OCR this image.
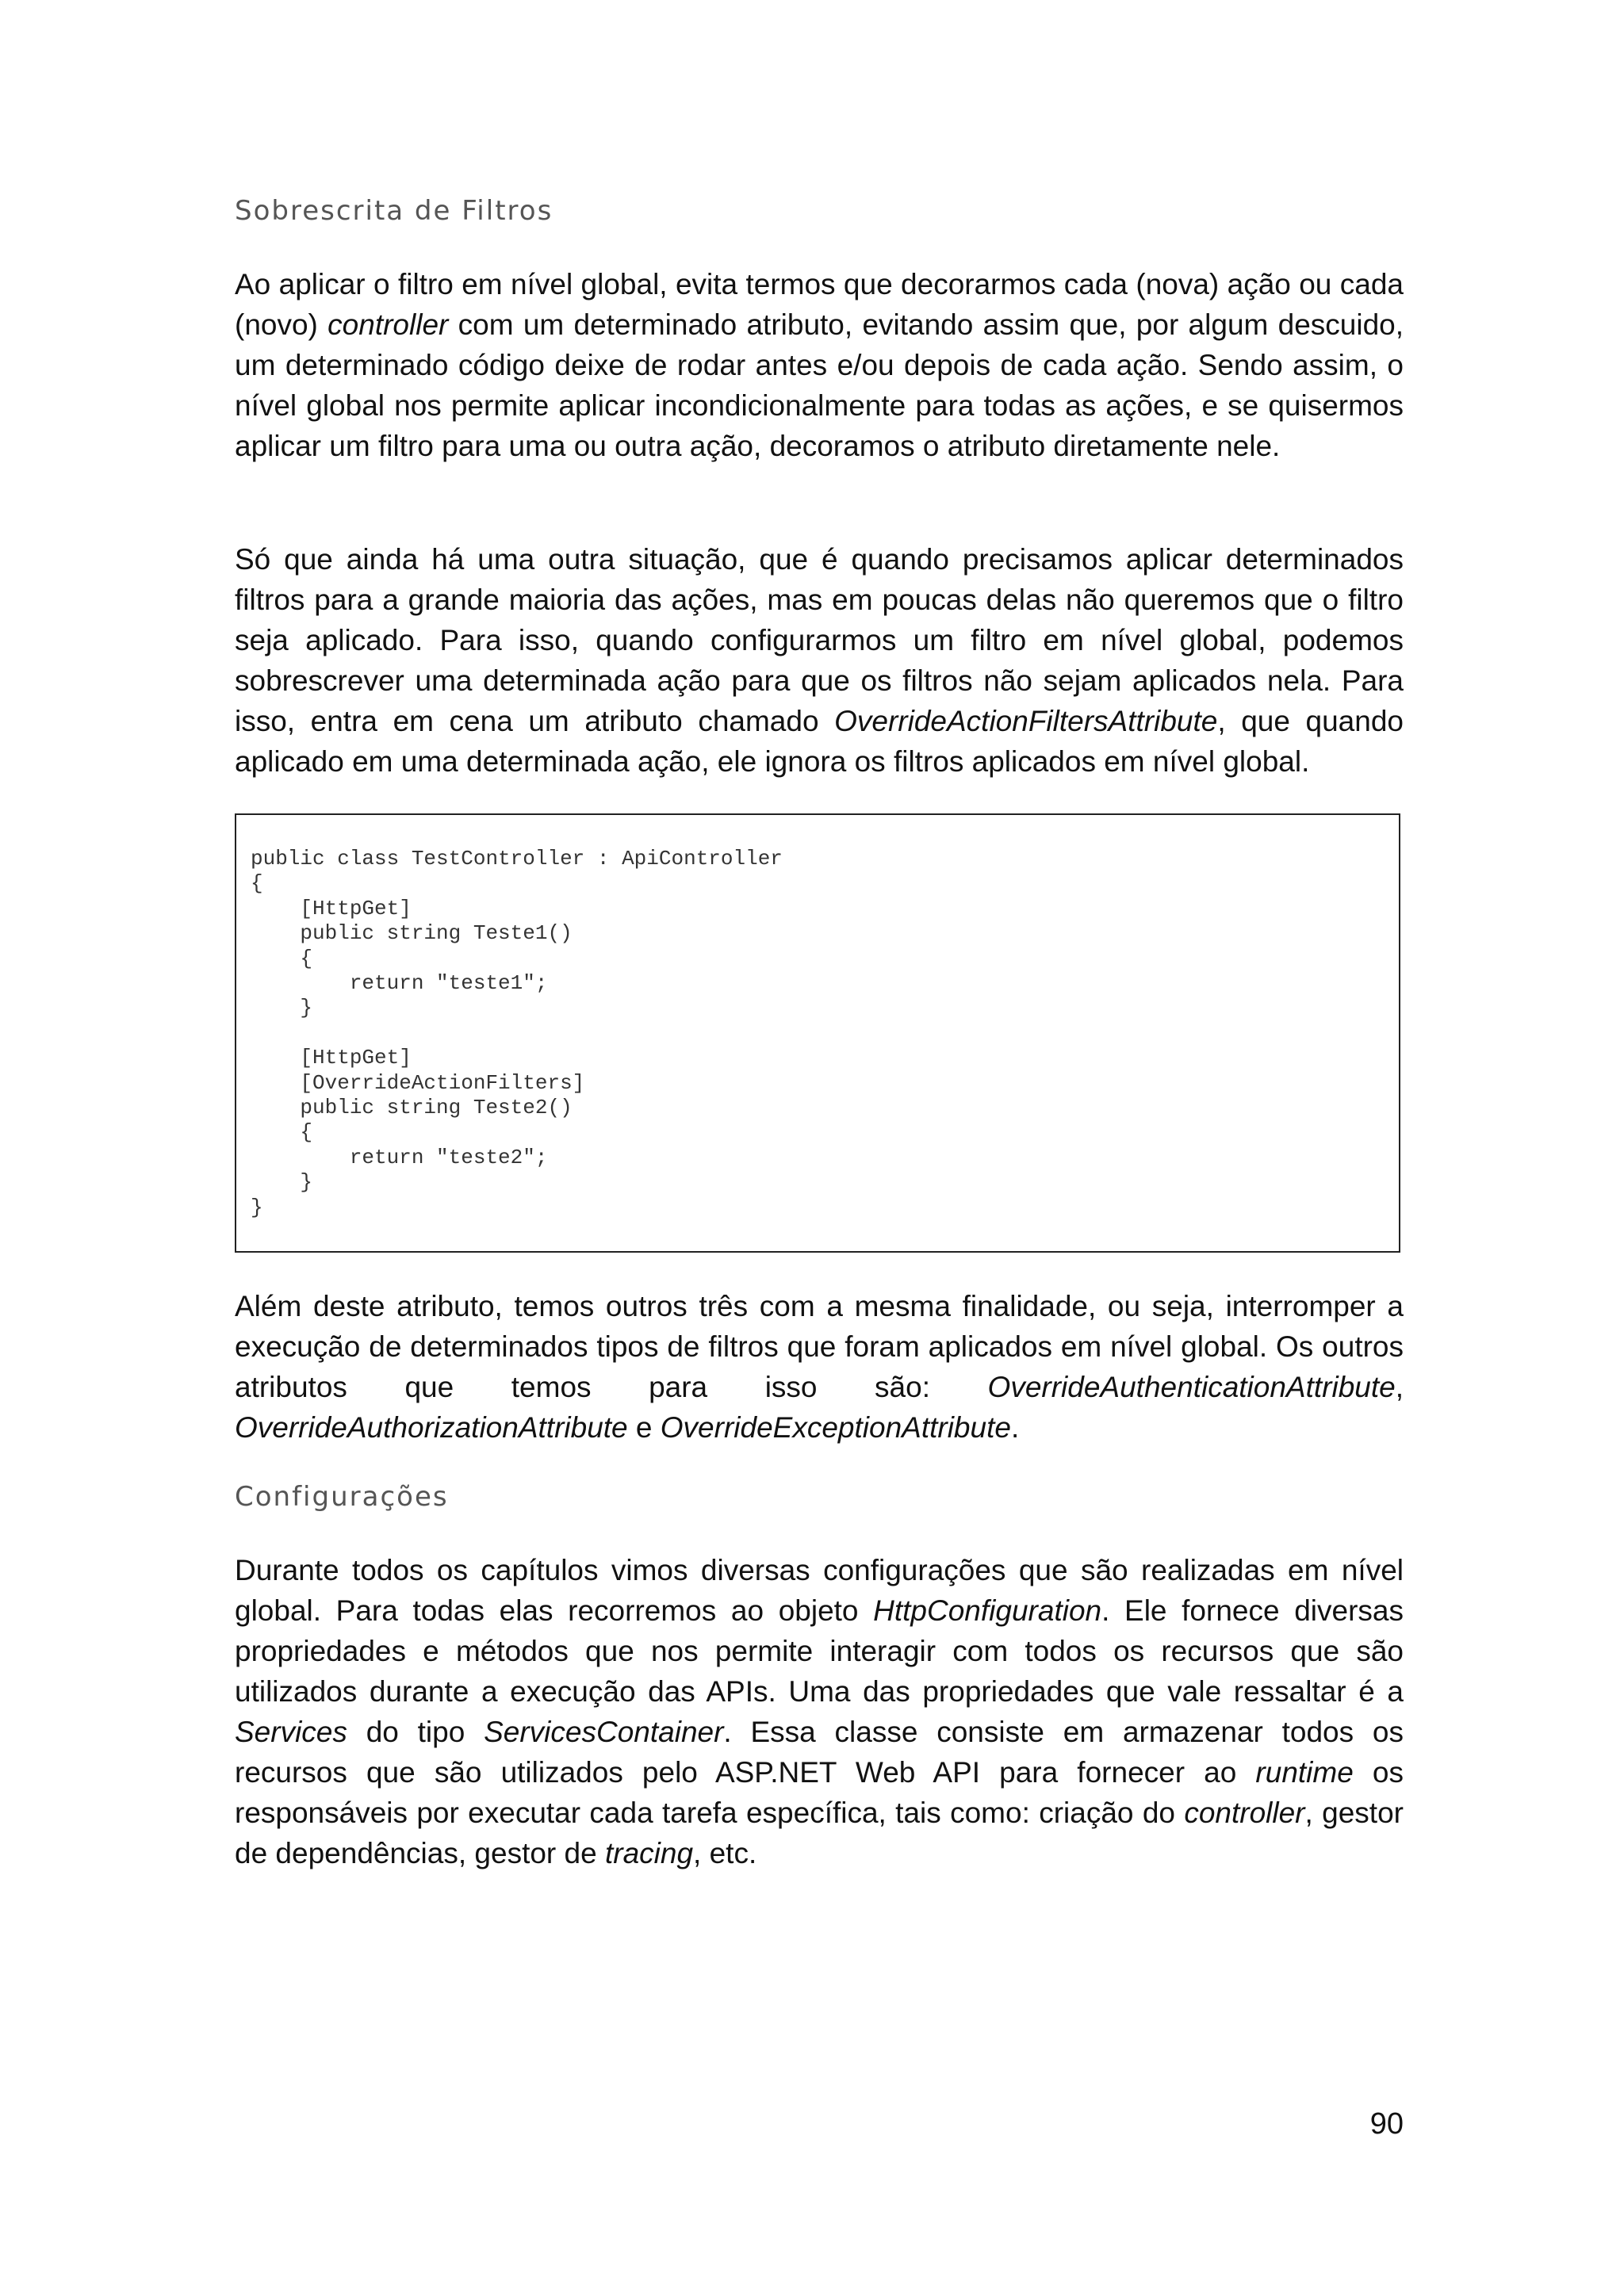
Sobrescrita de Filtros

Ao aplicar o filtro em nível global, evita termos que decorarmos cada (nova) ação ou cada (novo) controller com um determinado atributo, evitando assim que, por algum descuido, um determinado código deixe de rodar antes e/ou depois de cada ação. Sendo assim, o nível global nos permite aplicar incondicionalmente para todas as ações, e se quisermos aplicar um filtro para uma ou outra ação, decoramos o atributo diretamente nele.

Só que ainda há uma outra situação, que é quando precisamos aplicar determinados filtros para a grande maioria das ações, mas em poucas delas não queremos que o filtro seja aplicado. Para isso, quando configurarmos um filtro em nível global, podemos sobrescrever uma determinada ação para que os filtros não sejam aplicados nela. Para isso, entra em cena um atributo chamado OverrideActionFiltersAttribute, que quando aplicado em uma determinada ação, ele ignora os filtros aplicados em nível global.

public class TestController : ApiController
{
[HttpGet]
public string Teste1()
{
return "teste1";
}

[HttpGet]
[OverrideActionFilters]
public string Teste2()
{
return "teste2";
}
}

Além deste atributo, temos outros três com a mesma finalidade, ou seja, interromper a execução de determinados tipos de filtros que foram aplicados em nível global. Os outros atributos que temos para isso são: OverrideAuthenticationAttribute, OverrideAuthorizationAttribute e OverrideExceptionAttribute.

Configurações

Durante todos os capítulos vimos diversas configurações que são realizadas em nível global. Para todas elas recorremos ao objeto HttpConfiguration. Ele fornece diversas propriedades e métodos que nos permite interagir com todos os recursos que são utilizados durante a execução das APIs. Uma das propriedades que vale ressaltar é a Services do tipo ServicesContainer. Essa classe consiste em armazenar todos os recursos que são utilizados pelo ASP.NET Web API para fornecer ao runtime os responsáveis por executar cada tarefa específica, tais como: criação do controller, gestor de dependências, gestor de tracing, etc.

90
